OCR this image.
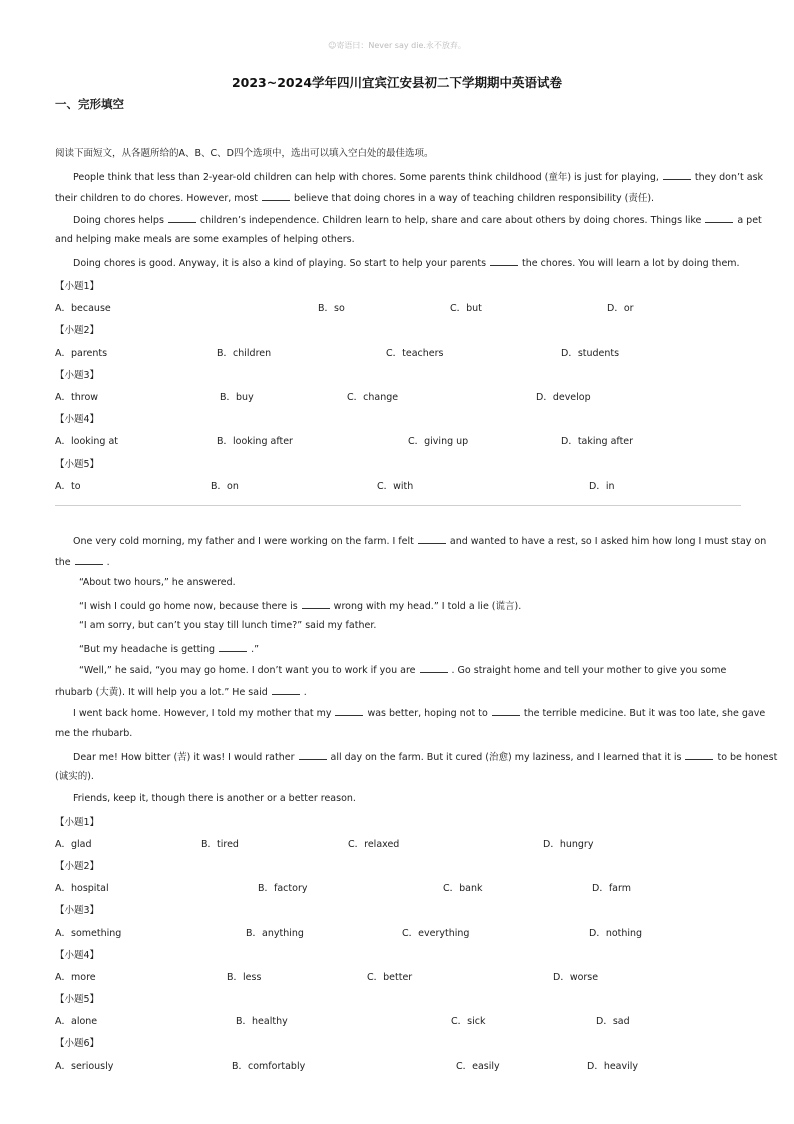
☺寄语曰：Never say die.永不放弃。
2023~2024学年四川宜宾江安县初二下学期期中英语试卷
一、完形填空
阅读下面短文，从各题所给的A、B、C、D四个选项中，选出可以填入空白处的最佳选项。
People think that less than 2-year-old children can help with chores. Some parents think childhood (童年) is just for playing,	they don’t ask
their children to do chores. However, most	believe that doing chores in a way of teaching children responsibility (责任).
Doing chores helps	children’s independence. Children learn to help, share and care about others by doing chores. Things like	a pet
and helping make meals are some examples of helping others.
Doing chores is good. Anyway, it is also a kind of playing. So start to help your parents	the chores. You will learn a lot by doing them.
【小题1】
A．because	B．so	C．but	D．or
【小题2】
A．parents	B．children	C．teachers	D．students
【小题3】
A．throw	B．buy	C．change	D．develop
【小题4】
A．looking at	B．looking after	C．giving up	D．taking after
【小题5】
A．to	B．on	C．with	D．in
One very cold morning, my father and I were working on the farm. I felt	and wanted to have a rest, so I asked him how long I must stay on
the	.
“About two hours,” he answered.
“I wish I could go home now, because there is	wrong with my head.” I told a lie (谎言).
“I am sorry, but can’t you stay till lunch time?” said my father.
“But my headache is getting	.”
“Well,” he said, “you may go home. I don’t want you to work if you are	. Go straight home and tell your mother to give you some
rhubarb (大黄). It will help you a lot.” He said	.
I went back home. However, I told my mother that my	was better, hoping not to	the terrible medicine. But it was too late, she gave
me the rhubarb.
Dear me! How bitter (苦) it was! I would rather	all day on the farm. But it cured (治愈) my laziness, and I learned that it is	to be honest
(诚实的).
Friends, keep it, though there is another or a better reason.
【小题1】
A．glad	B．tired	C．relaxed	D．hungry
【小题2】
A．hospital	B．factory	C．bank	D．farm
【小题3】
A．something	B．anything	C．everything	D．nothing
【小题4】
A．more	B．less	C．better	D．worse
【小题5】
A．alone	B．healthy	C．sick	D．sad
【小题6】
A．seriously	B．comfortably	C．easily	D．heavily
